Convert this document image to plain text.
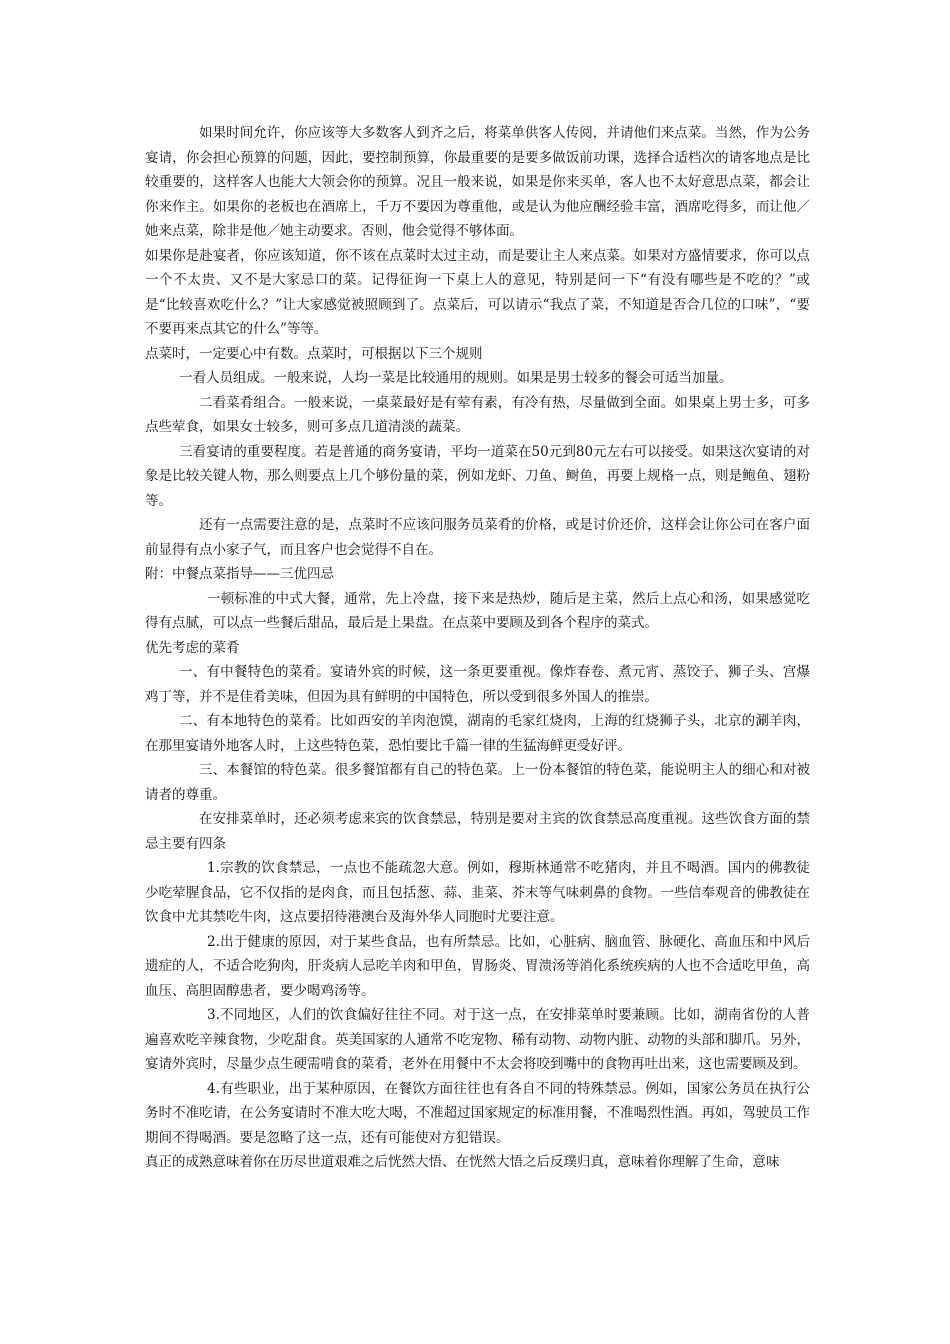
如果时间允许，你应该等大多数客人到齐之后，将菜单供客人传阅，并请他们来点菜。当然，作为公务宴请，你会担心预算的问题，因此，要控制预算，你最重要的是要多做饭前功课，选择合适档次的请客地点是比较重要的，这样客人也能大大领会你的预算。况且一般来说，如果是你来买单，客人也不太好意思点菜，都会让你来作主。如果你的老板也在酒席上，千万不要因为尊重他，或是认为他应酬经验丰富，酒席吃得多，而让他／她来点菜，除非是他／她主动要求。否则，他会觉得不够体面。

如果你是赴宴者，你应该知道，你不该在点菜时太过主动，而是要让主人来点菜。如果对方盛情要求，你可以点一个不太贵、又不是大家忌口的菜。记得征询一下桌上人的意见，特别是问一下“有没有哪些是不吃的？”或是“比较喜欢吃什么？”让大家感觉被照顾到了。点菜后，可以请示“我点了菜，不知道是否合几位的口味”，“要不要再来点其它的什么”等等。

点菜时，一定要心中有数。点菜时，可根据以下三个规则

一看人员组成。一般来说，人均一菜是比较通用的规则。如果是男士较多的餐会可适当加量。

二看菜肴组合。一般来说，一桌菜最好是有荤有素，有冷有热，尽量做到全面。如果桌上男士多，可多点些荤食，如果女士较多，则可多点几道清淡的蔬菜。

三看宴请的重要程度。若是普通的商务宴请，平均一道菜在50元到80元左右可以接受。如果这次宴请的对象是比较关键人物，那么则要点上几个够份量的菜，例如龙虾、刀鱼、鲥鱼，再要上规格一点，则是鲍鱼、翅粉等。

还有一点需要注意的是，点菜时不应该问服务员菜肴的价格，或是讨价还价，这样会让你公司在客户面前显得有点小家子气，而且客户也会觉得不自在。

附：中餐点菜指导——三优四忌

一顿标准的中式大餐，通常，先上冷盘，接下来是热炒，随后是主菜，然后上点心和汤，如果感觉吃得有点腻，可以点一些餐后甜品，最后是上果盘。在点菜中要顾及到各个程序的菜式。

优先考虑的菜肴

一、有中餐特色的菜肴。宴请外宾的时候，这一条更要重视。像炸春卷、煮元宵、蒸饺子、狮子头、宫爆鸡丁等，并不是佳肴美味，但因为具有鲜明的中国特色，所以受到很多外国人的推崇。

二、有本地特色的菜肴。比如西安的羊肉泡馍，湖南的毛家红烧肉，上海的红烧狮子头，北京的涮羊肉，在那里宴请外地客人时，上这些特色菜，恐怕要比千篇一律的生猛海鲜更受好评。

三、本餐馆的特色菜。很多餐馆都有自己的特色菜。上一份本餐馆的特色菜，能说明主人的细心和对被请者的尊重。

在安排菜单时，还必须考虑来宾的饮食禁忌，特别是要对主宾的饮食禁忌高度重视。这些饮食方面的禁忌主要有四条

1.宗教的饮食禁忌，一点也不能疏忽大意。例如，穆斯林通常不吃猪肉，并且不喝酒。国内的佛教徒少吃荤腥食品，它不仅指的是肉食，而且包括葱、蒜、韭菜、芥末等气味刺鼻的食物。一些信奉观音的佛教徒在饮食中尤其禁吃牛肉，这点要招待港澳台及海外华人同胞时尤要注意。

2.出于健康的原因，对于某些食品，也有所禁忌。比如，心脏病、脑血管、脉硬化、高血压和中风后遗症的人，不适合吃狗肉，肝炎病人忌吃羊肉和甲鱼，胃肠炎、胃溃汤等消化系统疾病的人也不合适吃甲鱼，高血压、高胆固醇患者，要少喝鸡汤等。

3.不同地区，人们的饮食偏好往往不同。对于这一点，在安排菜单时要兼顾。比如，湖南省份的人普遍喜欢吃辛辣食物，少吃甜食。英美国家的人通常不吃宠物、稀有动物、动物内脏、动物的头部和脚爪。另外，宴请外宾时，尽量少点生硬需啃食的菜肴，老外在用餐中不太会将咬到嘴中的食物再吐出来，这也需要顾及到。

4.有些职业，出于某种原因，在餐饮方面往往也有各自不同的特殊禁忌。例如，国家公务员在执行公务时不准吃请，在公务宴请时不准大吃大喝，不准超过国家规定的标准用餐，不准喝烈性酒。再如，驾驶员工作期间不得喝酒。要是忽略了这一点，还有可能使对方犯错误。

真正的成熟意味着你在历尽世道艰难之后恍然大悟、在恍然大悟之后反璞归真，意味着你理解了生命，意味
